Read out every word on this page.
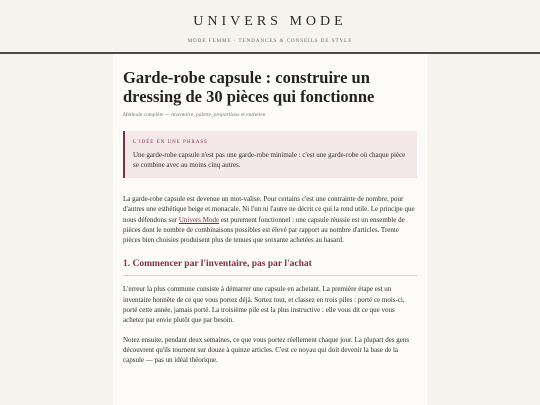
UNIVERS MODE
MODE FEMME · TENDANCES & CONSEILS DE STYLE
Garde-robe capsule : construire un dressing de 30 pièces qui fonctionne
Méthode complète — inventaire, palette, proportions et entretien
L'IDÉE EN UNE PHRASE
Une garde-robe capsule n'est pas une garde-robe minimale : c'est une garde-robe où chaque pièce se combine avec au moins cinq autres.

La garde-robe capsule est devenue un mot-valise. Pour certains c'est une contrainte de nombre, pour d'autres une esthétique beige et monacale. Ni l'un ni l'autre ne décrit ce qui la rend utile. Le principe que nous défendons sur Univers Mode est purement fonctionnel : une capsule réussie est un ensemble de pièces dont le nombre de combinaisons possibles est élevé par rapport au nombre d'articles. Trente pièces bien choisies produisent plus de tenues que soixante achetées au hasard.

1. Commencer par l'inventaire, pas par l'achat

L'erreur la plus commune consiste à démarrer une capsule en achetant. La première étape est un inventaire honnête de ce que vous portez déjà. Sortez tout, et classez en trois piles : porté ce mois-ci, porté cette année, jamais porté. La troisième pile est la plus instructive : elle vous dit ce que vous achetez par envie plutôt que par besoin.

Notez ensuite, pendant deux semaines, ce que vous portez réellement chaque jour. La plupart des gens découvrent qu'ils tournent sur douze à quinze articles. C'est ce noyau qui doit devenir la base de la capsule — pas un idéal théorique.
